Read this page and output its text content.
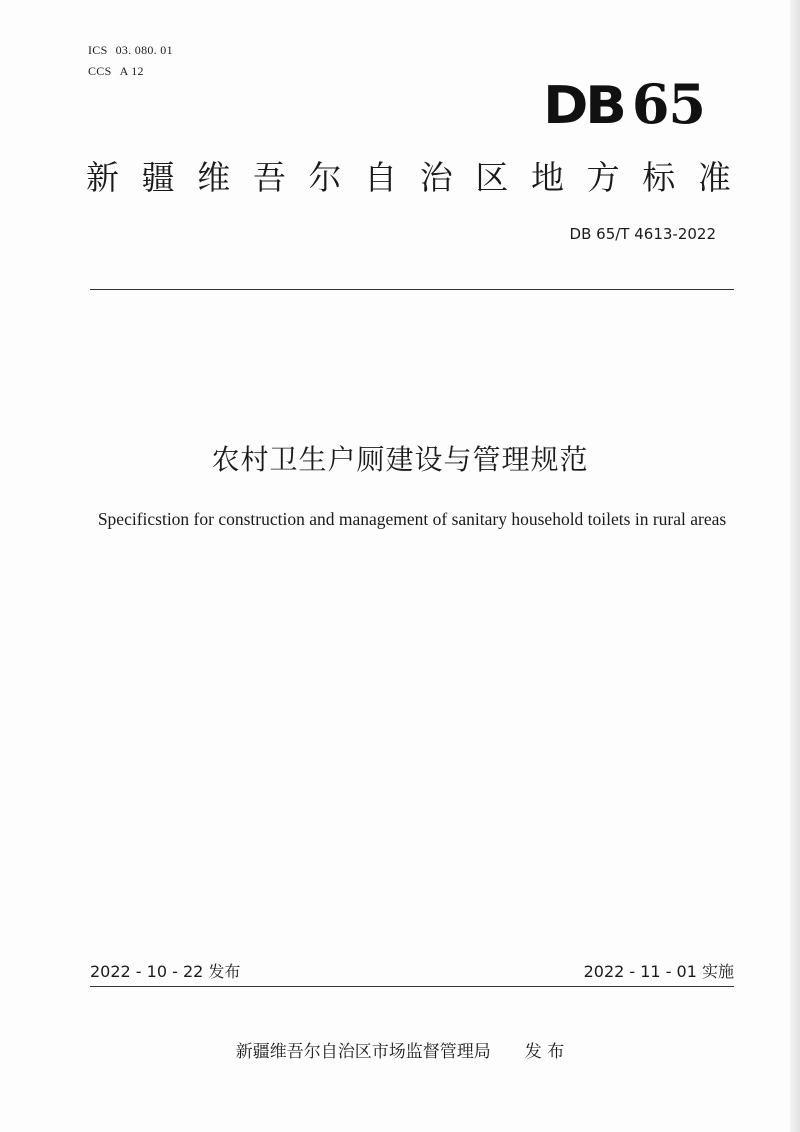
ICS 03. 080. 01
CCS A 12
DB 65
新 疆 维 吾 尔 自 治 区 地 方 标 准
DB 65/T 4613-2022
农村卫生户厕建设与管理规范
Specificstion for construction and management of sanitary household toilets in rural areas
2022 - 10 - 22 发布	2022 - 11 - 01 实施
新疆维吾尔自治区市场监督管理局 发 布
